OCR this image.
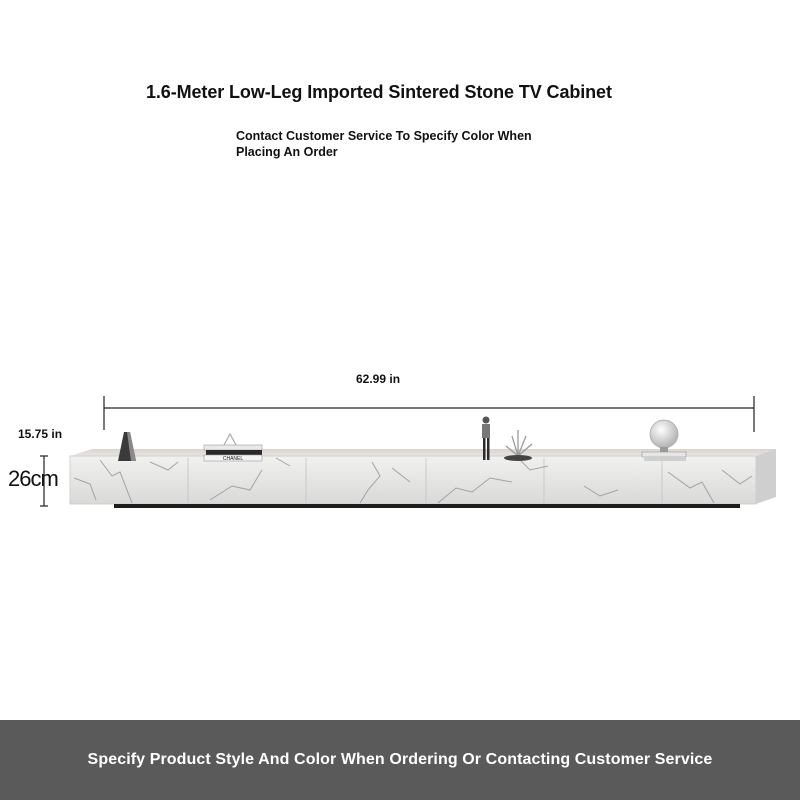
1.6-Meter Low-Leg Imported Sintered Stone TV Cabinet
Contact Customer Service To Specify Color When Placing An Order
62.99 in
15.75 in
26cm
CHANEL
Specify Product Style And Color When Ordering Or Contacting Customer Service
